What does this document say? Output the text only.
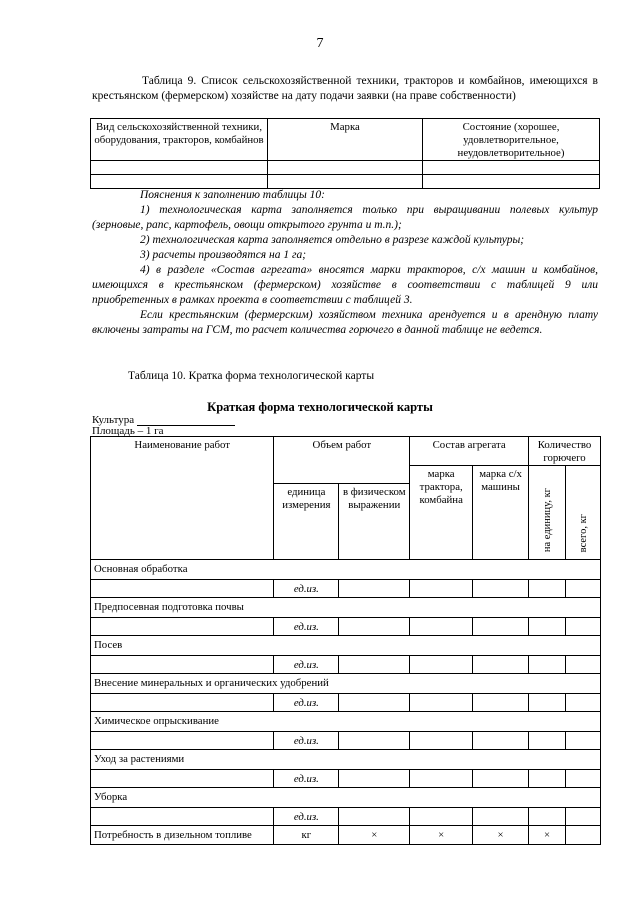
7
Таблица 9. Список сельскохозяйственной техники, тракторов и комбайнов, имеющихся в крестьянском (фермерском) хозяйстве на дату подачи заявки (на праве собственности)
Вид сельскохозяйственной техники, оборудования, тракторов, комбайнов	Марка	Состояние (хорошее, удовлетворительное, неудовлетворительное)

Пояснения к заполнению таблицы 10:

1) технологическая карта заполняется только при выращивании полевых культур (зерновые, рапс, картофель, овощи открытого грунта и т.п.);

2) технологическая карта заполняется отдельно в разрезе каждой культуры;

3) расчеты производятся на 1 га;

4) в разделе «Состав агрегата» вносятся марки тракторов, с/х машин и комбайнов, имеющихся в крестьянском (фермерском) хозяйстве в соответствии с таблицей 9 или приобретенных в рамках проекта в соответствии с таблицей 3.

Если крестьянским (фермерским) хозяйством техника арендуется и в арендную плату включены затраты на ГСМ, то расчет количества горючего в данной таблице не ведется.

Таблица 10. Кратка форма технологической карты
Краткая форма технологической карты
Культура
Площадь – 1 га
Наименование работ	Объем работ		Состав агрегата		Количество горючего	
			марка трактора, комбайна	марка с/х машины	на единицу, кг	всего, кг
	единица измерения	в физическом выражении				
Основная обработка						
	ед.из.					
Предпосевная подготовка почвы						
	ед.из.					
Посев						
	ед.из.					
Внесение минеральных и органических удобрений						
	ед.из.					
Химическое опрыскивание						
	ед.из.					
Уход за растениями						
	ед.из.					
Уборка						
	ед.из.					
Потребность в дизельном топливе	кг	×	×	×	×	
